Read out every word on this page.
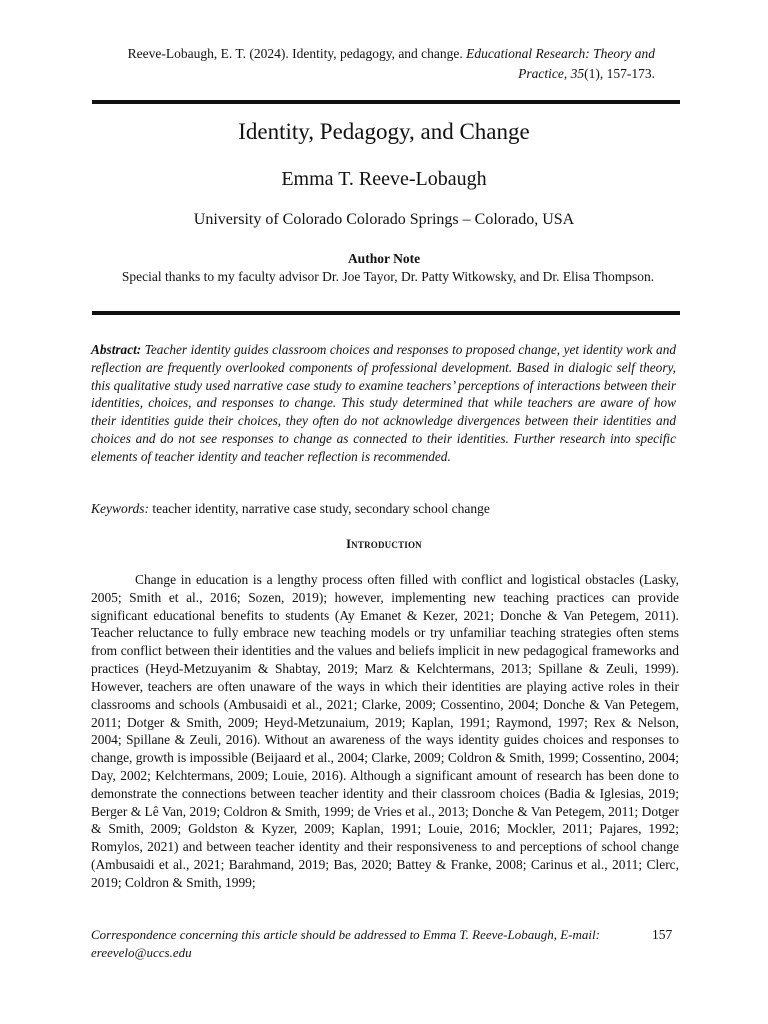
Reeve-Lobaugh, E. T. (2024). Identity, pedagogy, and change. Educational Research: Theory and Practice, 35(1), 157-173.
Identity, Pedagogy, and Change
Emma T. Reeve-Lobaugh
University of Colorado Colorado Springs – Colorado, USA
Author Note
Special thanks to my faculty advisor Dr. Joe Tayor, Dr. Patty Witkowsky, and Dr. Elisa Thompson.
Abstract: Teacher identity guides classroom choices and responses to proposed change, yet identity work and reflection are frequently overlooked components of professional development. Based in dialogic self theory, this qualitative study used narrative case study to examine teachers’ perceptions of interactions between their identities, choices, and responses to change. This study determined that while teachers are aware of how their identities guide their choices, they often do not acknowledge divergences between their identities and choices and do not see responses to change as connected to their identities. Further research into specific elements of teacher identity and teacher reflection is recommended.
Keywords: teacher identity, narrative case study, secondary school change
Introduction
Change in education is a lengthy process often filled with conflict and logistical obstacles (Lasky, 2005; Smith et al., 2016; Sozen, 2019); however, implementing new teaching practices can provide significant educational benefits to students (Ay Emanet & Kezer, 2021; Donche & Van Petegem, 2011). Teacher reluctance to fully embrace new teaching models or try unfamiliar teaching strategies often stems from conflict between their identities and the values and beliefs implicit in new pedagogical frameworks and practices (Heyd-Metzuyanim & Shabtay, 2019; Marz & Kelchtermans, 2013; Spillane & Zeuli, 1999). However, teachers are often unaware of the ways in which their identities are playing active roles in their classrooms and schools (Ambusaidi et al., 2021; Clarke, 2009; Cossentino, 2004; Donche & Van Petegem, 2011; Dotger & Smith, 2009; Heyd-Metzunaium, 2019; Kaplan, 1991; Raymond, 1997; Rex & Nelson, 2004; Spillane & Zeuli, 2016). Without an awareness of the ways identity guides choices and responses to change, growth is impossible (Beijaard et al., 2004; Clarke, 2009; Coldron & Smith, 1999; Cossentino, 2004; Day, 2002; Kelchtermans, 2009; Louie, 2016). Although a significant amount of research has been done to demonstrate the connections between teacher identity and their classroom choices (Badia & Iglesias, 2019; Berger & Lê Van, 2019; Coldron & Smith, 1999; de Vries et al., 2013; Donche & Van Petegem, 2011; Dotger & Smith, 2009; Goldston & Kyzer, 2009; Kaplan, 1991; Louie, 2016; Mockler, 2011; Pajares, 1992; Romylos, 2021) and between teacher identity and their responsiveness to and perceptions of school change (Ambusaidi et al., 2021; Barahmand, 2019; Bas, 2020; Battey & Franke, 2008; Carinus et al., 2011; Clerc, 2019; Coldron & Smith, 1999;
Correspondence concerning this article should be addressed to Emma T. Reeve-Lobaugh, E-mail: ereevelo@uccs.edu
157
